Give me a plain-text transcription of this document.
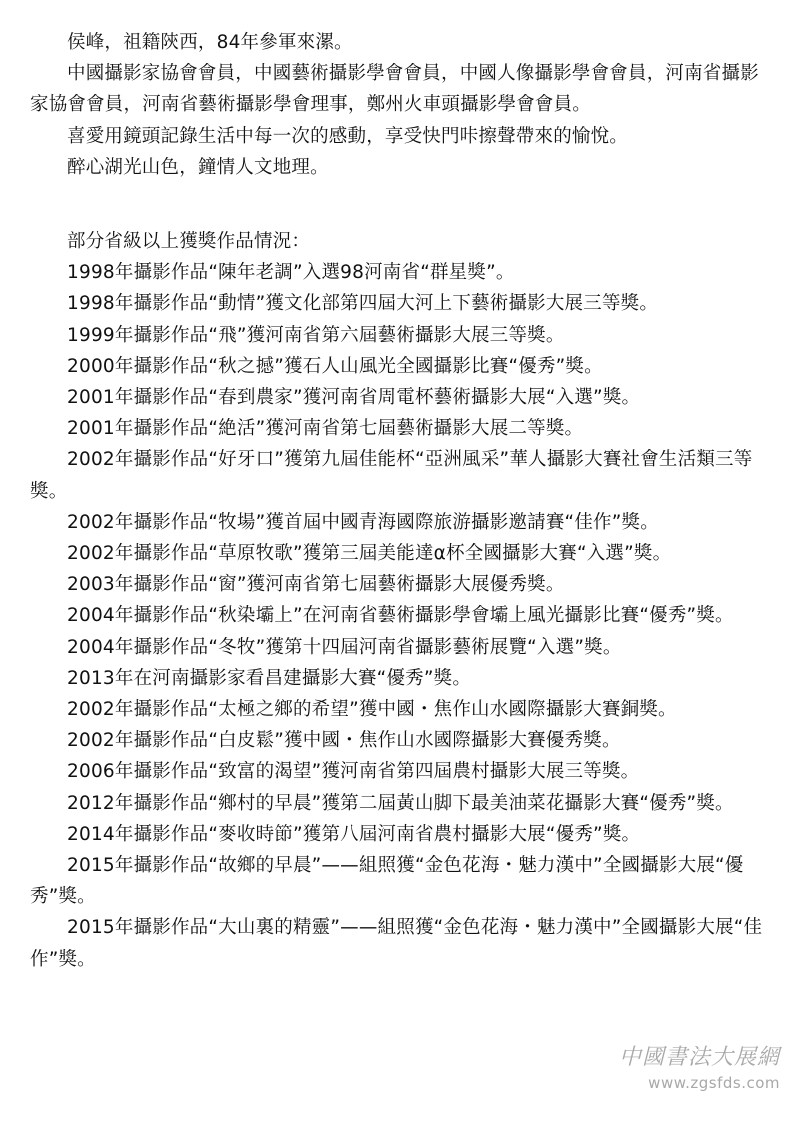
侯峰，祖籍陝西，84年參軍來漯。

中國攝影家協會會員，中國藝術攝影學會會員，中國人像攝影學會會員，河南省攝影家協會會員，河南省藝術攝影學會理事，鄭州火車頭攝影學會會員。

喜愛用鏡頭記錄生活中每一次的感動，享受快門咔擦聲帶來的愉悅。

醉心湖光山色，鐘情人文地理。

部分省級以上獲獎作品情況：

1998年攝影作品“陳年老調”入選98河南省“群星獎”。

1998年攝影作品“動情”獲文化部第四屆大河上下藝術攝影大展三等獎。

1999年攝影作品“飛”獲河南省第六屆藝術攝影大展三等獎。

2000年攝影作品“秋之撼”獲石人山風光全國攝影比賽“優秀”獎。

2001年攝影作品“春到農家”獲河南省周電杯藝術攝影大展“入選”獎。

2001年攝影作品“絶活”獲河南省第七屆藝術攝影大展二等獎。

2002年攝影作品“好牙口”獲第九屆佳能杯“亞洲風采”華人攝影大賽社會生活類三等獎。

2002年攝影作品“牧場”獲首屆中國青海國際旅游攝影邀請賽“佳作”獎。

2002年攝影作品“草原牧歌”獲第三屆美能達α杯全國攝影大賽“入選”獎。

2003年攝影作品“窗”獲河南省第七屆藝術攝影大展優秀獎。

2004年攝影作品“秋染壩上”在河南省藝術攝影學會壩上風光攝影比賽“優秀”獎。

2004年攝影作品“冬牧”獲第十四屆河南省攝影藝術展覽“入選”獎。

2013年在河南攝影家看昌建攝影大賽“優秀”獎。

2002年攝影作品“太極之鄉的希望”獲中國・焦作山水國際攝影大賽銅獎。

2002年攝影作品“白皮鬆”獲中國・焦作山水國際攝影大賽優秀獎。

2006年攝影作品“致富的渴望”獲河南省第四屆農村攝影大展三等獎。

2012年攝影作品“鄉村的早晨”獲第二屆黃山脚下最美油菜花攝影大賽“優秀”獎。

2014年攝影作品“麥收時節”獲第八屆河南省農村攝影大展“優秀”獎。

2015年攝影作品“故鄉的早晨”——組照獲“金色花海・魅力漢中”全國攝影大展“優秀”獎。

2015年攝影作品“大山裏的精靈”——組照獲“金色花海・魅力漢中”全國攝影大展“佳作”獎。

中國書法大展網
www.zgsfds.com
